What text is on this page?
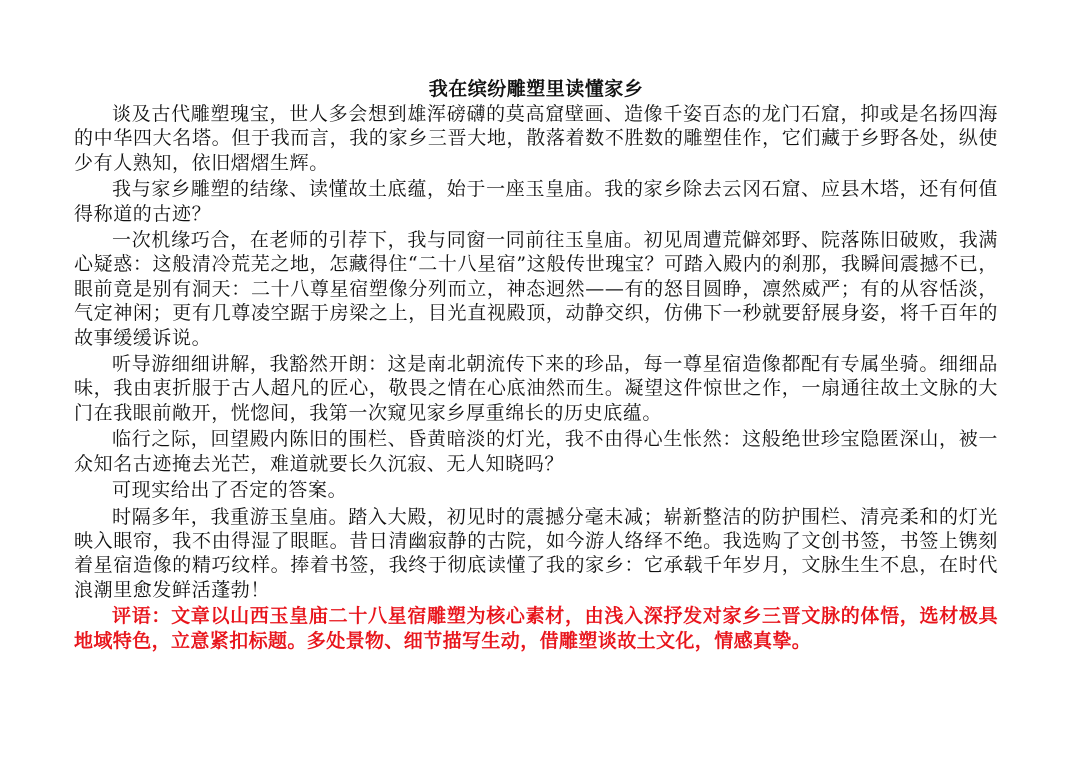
我在缤纷雕塑里读懂家乡

谈及古代雕塑瑰宝，世人多会想到雄浑磅礴的莫高窟壁画、造像千姿百态的龙门石窟，抑或是名扬四海的中华四大名塔。但于我而言，我的家乡三晋大地，散落着数不胜数的雕塑佳作，它们藏于乡野各处，纵使少有人熟知，依旧熠熠生辉。

我与家乡雕塑的结缘、读懂故土底蕴，始于一座玉皇庙。我的家乡除去云冈石窟、应县木塔，还有何值得称道的古迹？

一次机缘巧合，在老师的引荐下，我与同窗一同前往玉皇庙。初见周遭荒僻郊野、院落陈旧破败，我满心疑惑：这般清冷荒芜之地，怎藏得住“二十八星宿”这般传世瑰宝？可踏入殿内的刹那，我瞬间震撼不已，眼前竟是别有洞天：二十八尊星宿塑像分列而立，神态迥然——有的怒目圆睁，凛然威严；有的从容恬淡，气定神闲；更有几尊凌空踞于房梁之上，目光直视殿顶，动静交织，仿佛下一秒就要舒展身姿，将千百年的故事缓缓诉说。

听导游细细讲解，我豁然开朗：这是南北朝流传下来的珍品，每一尊星宿造像都配有专属坐骑。细细品味，我由衷折服于古人超凡的匠心，敬畏之情在心底油然而生。凝望这件惊世之作，一扇通往故土文脉的大门在我眼前敞开，恍惚间，我第一次窥见家乡厚重绵长的历史底蕴。

临行之际，回望殿内陈旧的围栏、昏黄暗淡的灯光，我不由得心生怅然：这般绝世珍宝隐匿深山，被一众知名古迹掩去光芒，难道就要长久沉寂、无人知晓吗？

可现实给出了否定的答案。

时隔多年，我重游玉皇庙。踏入大殿，初见时的震撼分毫未减；崭新整洁的防护围栏、清亮柔和的灯光映入眼帘，我不由得湿了眼眶。昔日清幽寂静的古院，如今游人络绎不绝。我选购了文创书签，书签上镌刻着星宿造像的精巧纹样。捧着书签，我终于彻底读懂了我的家乡：它承载千年岁月，文脉生生不息，在时代浪潮里愈发鲜活蓬勃！

评语：文章以山西玉皇庙二十八星宿雕塑为核心素材，由浅入深抒发对家乡三晋文脉的体悟，选材极具地域特色，立意紧扣标题。多处景物、细节描写生动，借雕塑谈故土文化，情感真挚。
